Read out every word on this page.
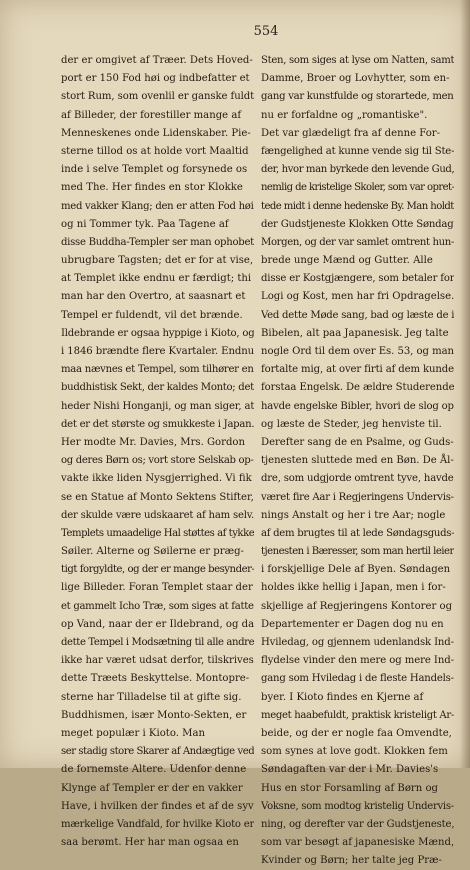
554
der er omgivet af Træer. Dets Hoved-
port er 150 Fod høi og indbefatter et
stort Rum, som ovenlil er ganske fuldt
af Billeder, der forestiller mange af
Menneskenes onde Lidenskaber. Pie-
sterne tillod os at holde vort Maaltid
inde i selve Templet og forsynede os
med The. Her findes en stor Klokke
med vakker Klang; den er atten Fod høi
og ni Tommer tyk. Paa Tagene af
disse Buddha-Templer ser man ophobet
ubrugbare Tagsten; det er for at vise,
at Templet ikke endnu er færdigt; thi
man har den Overtro, at saasnart et
Tempel er fuldendt, vil det brænde.
Ildebrande er ogsaa hyppige i Kioto, og
i 1846 brændte flere Kvartaler. Endnu
maa nævnes et Tempel, som tilhører en
buddhistisk Sekt, der kaldes Monto; det
heder Nishi Honganji, og man siger, at
det er det største og smukkeste i Japan.
Her modte Mr. Davies, Mrs. Gordon
og deres Børn os; vort store Selskab op-
vakte ikke liden Nysgjerrighed. Vi fik
se en Statue af Monto Sektens Stifter,
der skulde være udskaaret af ham selv.
Templets umaadelige Hal støttes af tykke
Søiler. Alterne og Søilerne er præg-
tigt forgyldte, og der er mange besynder-
lige Billeder. Foran Templet staar der
et gammelt Icho Træ, som siges at fatte
op Vand, naar der er Ildebrand, og da
dette Tempel i Modsætning til alle andre
ikke har været udsat derfor, tilskrives
dette Træets Beskyttelse. Montopre-
sterne har Tilladelse til at gifte sig.
Buddhismen, især Monto-Sekten, er
meget populær i Kioto. Man
ser stadig store Skarer af Andægtige ved
de fornemste Altere. Udenfor denne
Klynge af Templer er der en vakker
Have, i hvilken der findes et af de syv
mærkelige Vandfald, for hvilke Kioto er
saa berømt. Her har man ogsaa en
Sten, som siges at lyse om Natten, samt
Damme, Broer og Lovhytter, som en-
gang var kunstfulde og storartede, men
nu er forfaldne og „romantiske".
Det var glædeligt fra af denne For-
fængelighed at kunne vende sig til Ste-
der, hvor man byrkede den levende Gud,
nemlig de kristelige Skoler, som var opret-
tede midt i denne hedenske By. Man holdt
der Gudstjeneste Klokken Otte Søndag
Morgen, og der var samlet omtrent hun-
brede unge Mænd og Gutter. Alle
disse er Kostgjængere, som betaler for
Logi og Kost, men har fri Opdragelse.
Ved dette Møde sang, bad og læste de i
Bibelen, alt paa Japanesisk. Jeg talte
nogle Ord til dem over Es. 53, og man
fortalte mig, at over firti af dem kunde
forstaa Engelsk. De ældre Studerende
havde engelske Bibler, hvori de slog op
og læste de Steder, jeg henviste til.
Derefter sang de en Psalme, og Guds-
tjenesten sluttede med en Bøn. De Ål-
dre, som udgjorde omtrent tyve, havde
været fire Aar i Regjeringens Undervis-
nings Anstalt og her i tre Aar; nogle
af dem brugtes til at lede Søndagsguds-
tjenesten i Bæresser, som man hertil leier
i forskjellige Dele af Byen. Søndagen
holdes ikke hellig i Japan, men i for-
skjellige af Regjeringens Kontorer og
Departementer er Dagen dog nu en
Hviledag, og gjennem udenlandsk Ind-
flydelse vinder den mere og mere Ind-
gang som Hviledag i de fleste Handels-
byer. I Kioto findes en Kjerne af
meget haabefuldt, praktisk kristeligt Ar-
beide, og der er nogle faa Omvendte,
som synes at love godt. Klokken fem
Søndagaften var der i Mr. Davies's
Hus en stor Forsamling af Børn og
Voksne, som modtog kristelig Undervis-
ning, og derefter var der Gudstjeneste,
som var besøgt af japanesiske Mænd,
Kvinder og Børn; her talte jeg Præ-
